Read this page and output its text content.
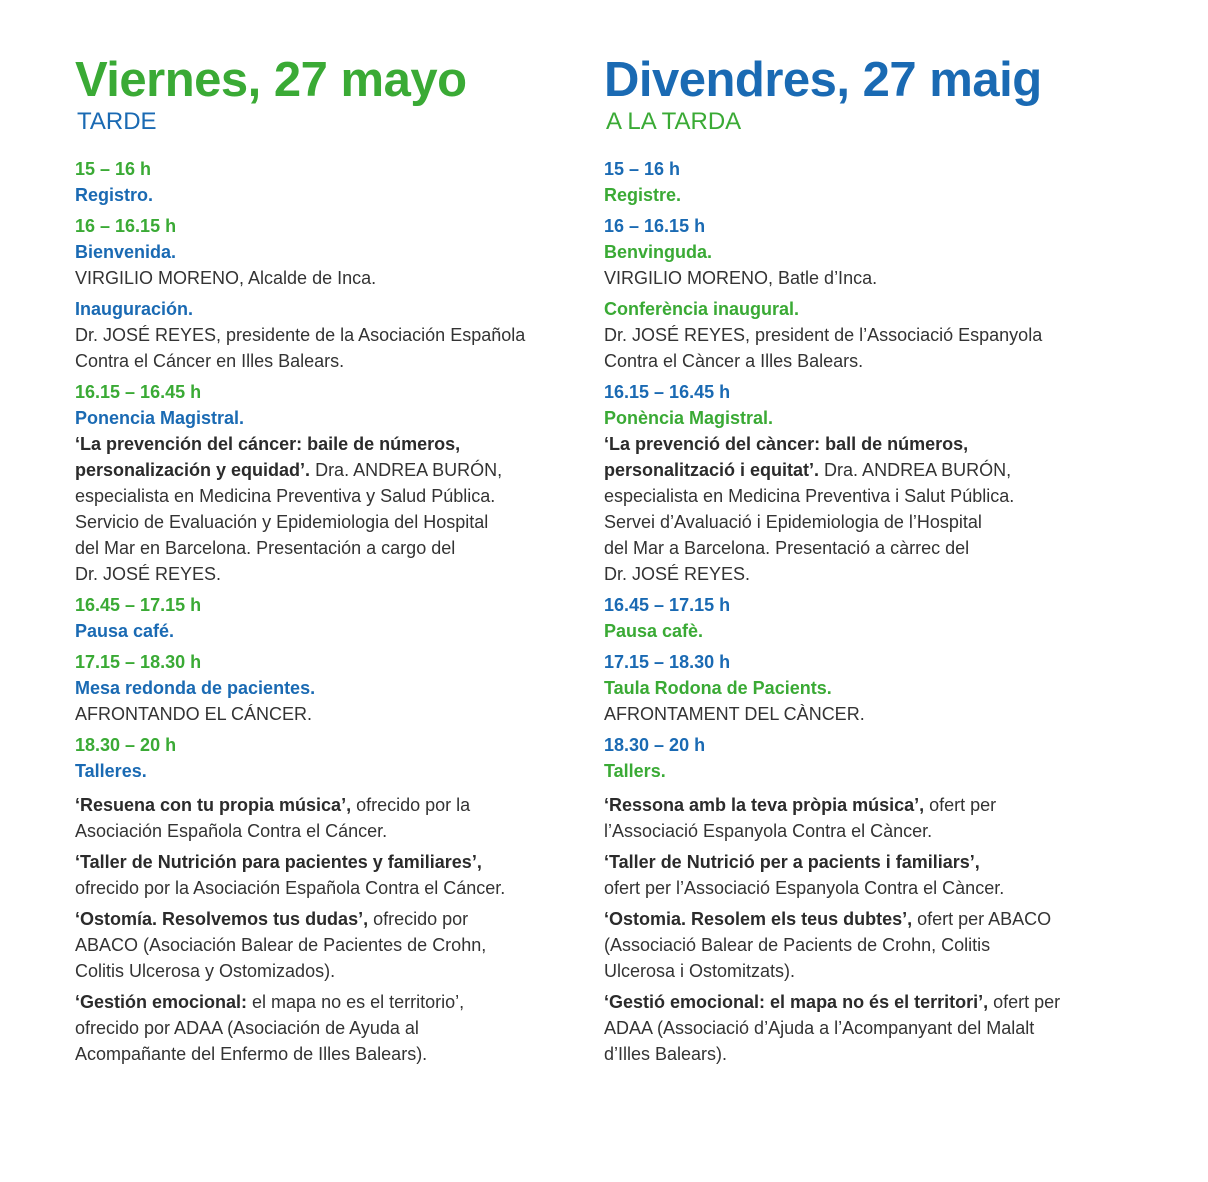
Viernes, 27 mayo
TARDE
15 – 16 h
Registro.
16 – 16.15 h
Bienvenida.
VIRGILIO MORENO, Alcalde de Inca.
Inauguración.
Dr. JOSÉ REYES, presidente de la Asociación Española
Contra el Cáncer en Illes Balears.
16.15 – 16.45 h
Ponencia Magistral.
‘La prevención del cáncer: baile de números,
personalización y equidad’. Dra. ANDREA BURÓN,
especialista en Medicina Preventiva y Salud Pública.
Servicio de Evaluación y Epidemiologia del Hospital
del Mar en Barcelona. Presentación a cargo del
Dr. JOSÉ REYES.
16.45 – 17.15 h
Pausa café.
17.15 – 18.30 h
Mesa redonda de pacientes.
AFRONTANDO EL CÁNCER.
18.30 – 20 h
Talleres.
‘Resuena con tu propia música’, ofrecido por la
Asociación Española Contra el Cáncer.
‘Taller de Nutrición para pacientes y familiares’,
ofrecido por la Asociación Española Contra el Cáncer.
‘Ostomía. Resolvemos tus dudas’, ofrecido por
ABACO (Asociación Balear de Pacientes de Crohn,
Colitis Ulcerosa y Ostomizados).
‘Gestión emocional: el mapa no es el territorio’,
ofrecido por ADAA (Asociación de Ayuda al
Acompañante del Enfermo de Illes Balears).
Divendres, 27 maig
A LA TARDA
15 – 16 h
Registre.
16 – 16.15 h
Benvinguda.
VIRGILIO MORENO, Batle d’Inca.
Conferència inaugural.
Dr. JOSÉ REYES, president de l’Associació Espanyola
Contra el Càncer a Illes Balears.
16.15 – 16.45 h
Ponència Magistral.
‘La prevenció del càncer: ball de números,
personalització i equitat’. Dra. ANDREA BURÓN,
especialista en Medicina Preventiva i Salut Pública.
Servei d’Avaluació i Epidemiologia de l’Hospital
del Mar a Barcelona. Presentació a càrrec del
Dr. JOSÉ REYES.
16.45 – 17.15 h
Pausa cafè.
17.15 – 18.30 h
Taula Rodona de Pacients.
AFRONTAMENT DEL CÀNCER.
18.30 – 20 h
Tallers.
‘Ressona amb la teva pròpia música’, ofert per
l’Associació Espanyola Contra el Càncer.
‘Taller de Nutrició per a pacients i familiars’,
ofert per l’Associació Espanyola Contra el Càncer.
‘Ostomia. Resolem els teus dubtes’, ofert per ABACO
(Associació Balear de Pacients de Crohn, Colitis
Ulcerosa i Ostomitzats).
‘Gestió emocional: el mapa no és el territori’, ofert per
ADAA (Associació d’Ajuda a l’Acompanyant del Malalt
d’Illes Balears).
